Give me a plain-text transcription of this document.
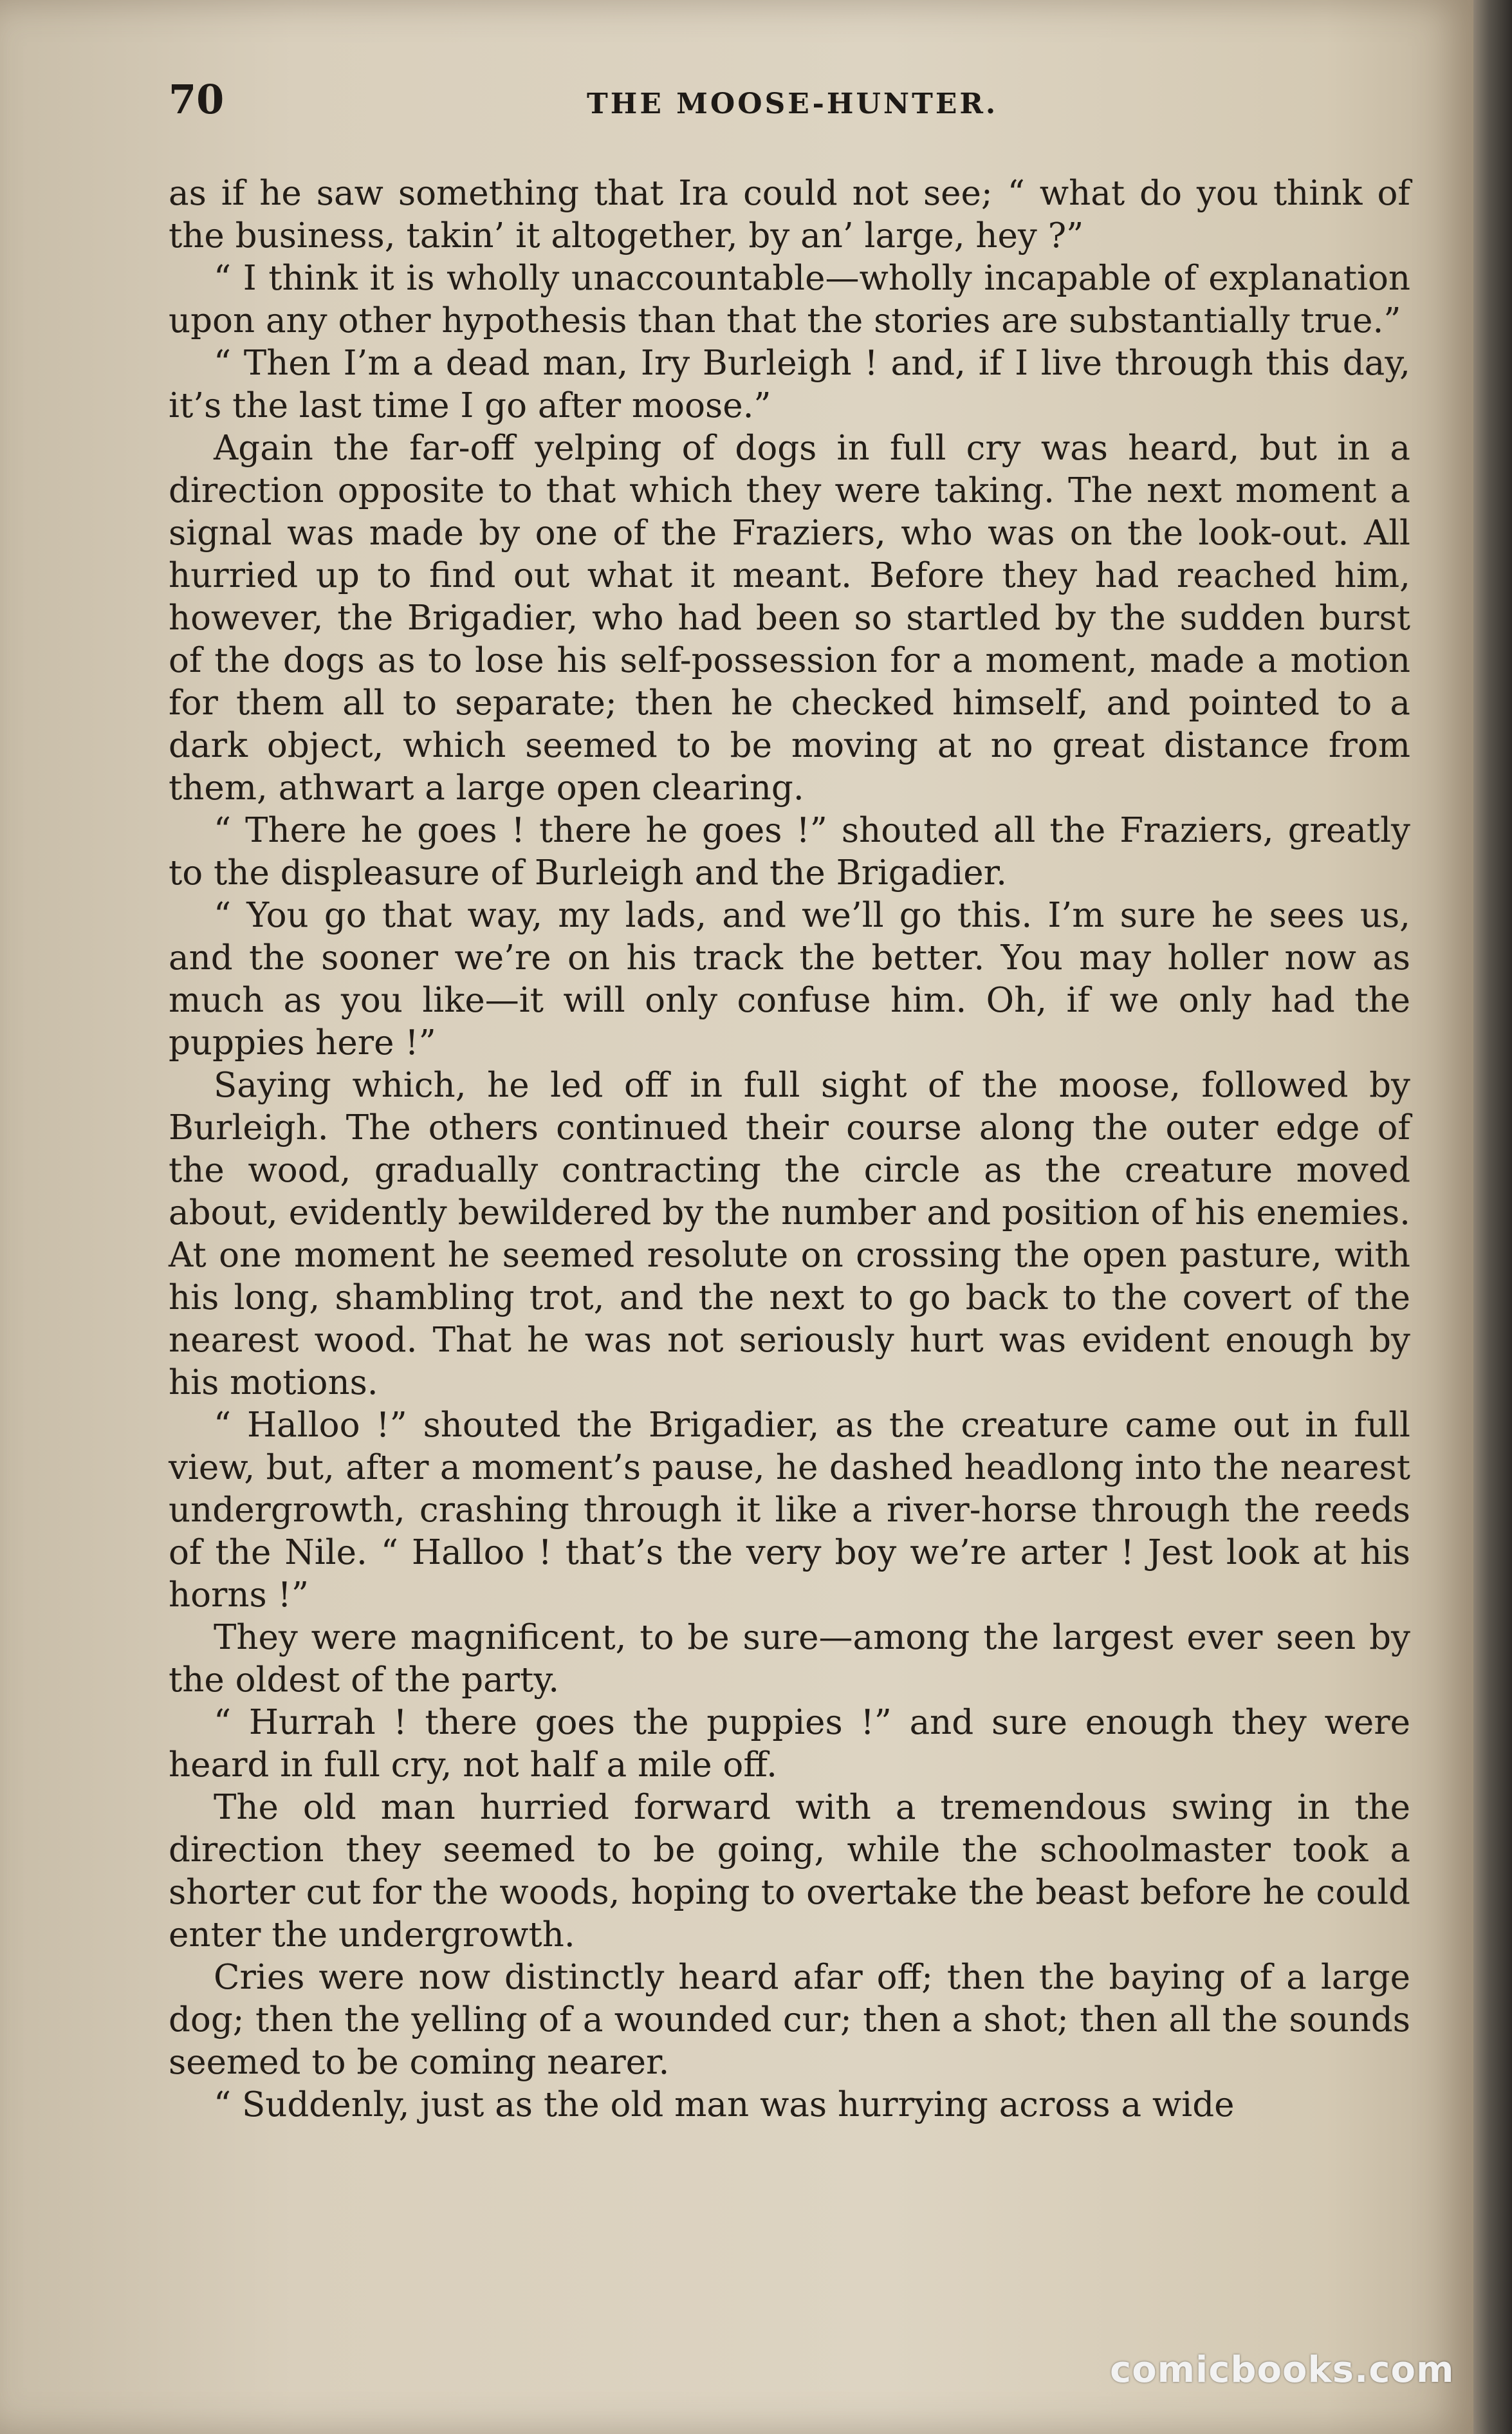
70	THE MOOSE-HUNTER.

as if he saw something that Ira could not see; “ what do you think of the business, takin’ it altogether, by an’ large, hey ?”

“ I think it is wholly unaccountable—wholly incapable of explanation upon any other hypothesis than that the stories are substantially true.”

“ Then I’m a dead man, Iry Burleigh ! and, if I live through this day, it’s the last time I go after moose.”

Again the far-off yelping of dogs in full cry was heard, but in a direction opposite to that which they were taking. The next moment a signal was made by one of the Fraziers, who was on the look-out. All hurried up to find out what it meant. Before they had reached him, however, the Brigadier, who had been so startled by the sudden burst of the dogs as to lose his self-possession for a moment, made a motion for them all to separate; then he checked himself, and pointed to a dark object, which seemed to be moving at no great distance from them, athwart a large open clearing.

“ There he goes ! there he goes !” shouted all the Fraziers, greatly to the displeasure of Burleigh and the Brigadier.

“ You go that way, my lads, and we’ll go this. I’m sure he sees us, and the sooner we’re on his track the better. You may holler now as much as you like—it will only confuse him. Oh, if we only had the puppies here !”

Saying which, he led off in full sight of the moose, followed by Burleigh. The others continued their course along the outer edge of the wood, gradually contracting the circle as the creature moved about, evidently bewildered by the number and position of his enemies. At one moment he seemed resolute on crossing the open pasture, with his long, shambling trot, and the next to go back to the covert of the nearest wood. That he was not seriously hurt was evident enough by his motions.

“ Halloo !” shouted the Brigadier, as the creature came out in full view, but, after a moment’s pause, he dashed headlong into the nearest undergrowth, crashing through it like a river-horse through the reeds of the Nile. “ Halloo ! that’s the very boy we’re arter ! Jest look at his horns !”

They were magnificent, to be sure—among the largest ever seen by the oldest of the party.

“ Hurrah ! there goes the puppies !” and sure enough they were heard in full cry, not half a mile off.

The old man hurried forward with a tremendous swing in the direction they seemed to be going, while the schoolmaster took a shorter cut for the woods, hoping to overtake the beast before he could enter the undergrowth.

Cries were now distinctly heard afar off; then the baying of a large dog; then the yelling of a wounded cur; then a shot; then all the sounds seemed to be coming nearer.

“ Suddenly, just as the old man was hurrying across a wide

comicbooks.com
